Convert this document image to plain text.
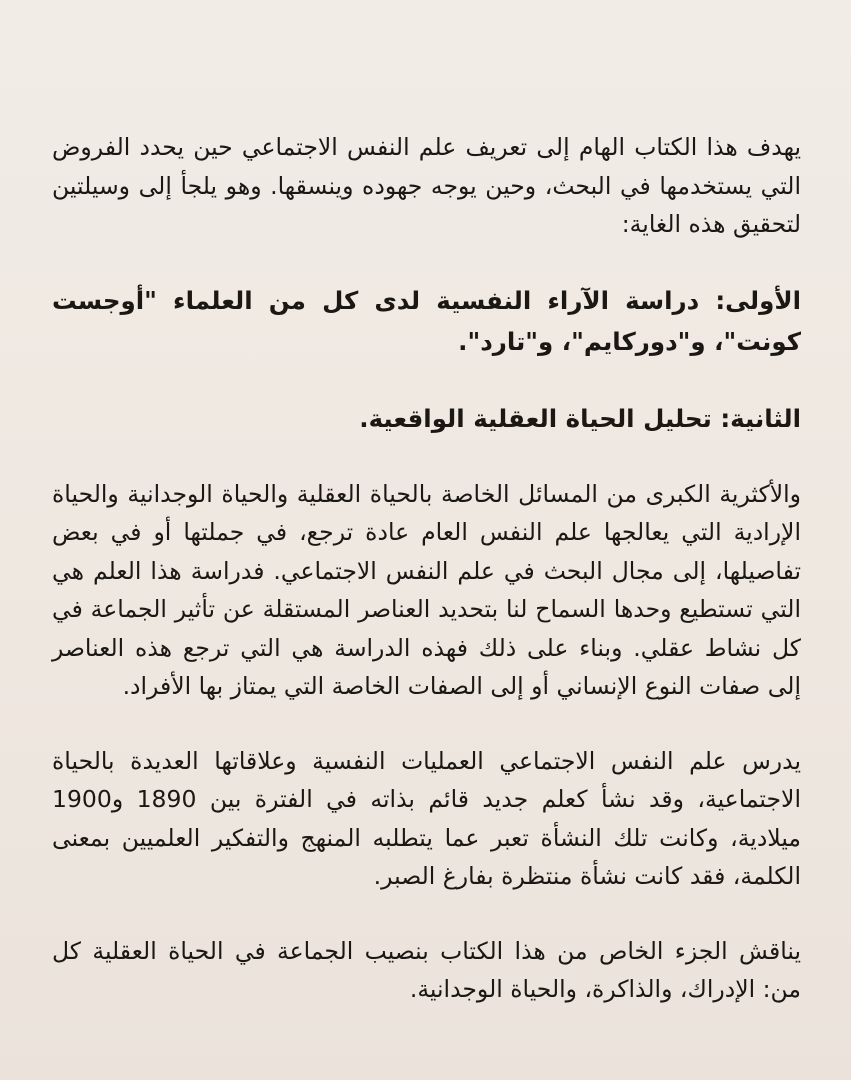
يهدف هذا الكتاب الهام إلى تعريف علم النفس الاجتماعي حين يحدد الفروض التي يستخدمها في البحث، وحين يوجه جهوده وينسقها. وهو يلجأ إلى وسيلتين لتحقيق هذه الغاية:

الأولى: دراسة الآراء النفسية لدى كل من العلماء "أوجست كونت"، و"دوركايم"، و"تارد".

الثانية: تحليل الحياة العقلية الواقعية.

والأكثرية الكبرى من المسائل الخاصة بالحياة العقلية والحياة الوجدانية والحياة الإرادية التي يعالجها علم النفس العام عادة ترجع، في جملتها أو في بعض تفاصيلها، إلى مجال البحث في علم النفس الاجتماعي. فدراسة هذا العلم هي التي تستطيع وحدها السماح لنا بتحديد العناصر المستقلة عن تأثير الجماعة في كل نشاط عقلي. وبناء على ذلك فهذه الدراسة هي التي ترجع هذه العناصر إلى صفات النوع الإنساني أو إلى الصفات الخاصة التي يمتاز بها الأفراد.

يدرس علم النفس الاجتماعي العمليات النفسية وعلاقاتها العديدة بالحياة الاجتماعية، وقد نشأ كعلم جديد قائم بذاته في الفترة بين 1890 و1900 ميلادية، وكانت تلك النشأة تعبر عما يتطلبه المنهج والتفكير العلميين بمعنى الكلمة، فقد كانت نشأة منتظرة بفارغ الصبر.

يناقش الجزء الخاص من هذا الكتاب بنصيب الجماعة في الحياة العقلية كل من: الإدراك، والذاكرة، والحياة الوجدانية.
